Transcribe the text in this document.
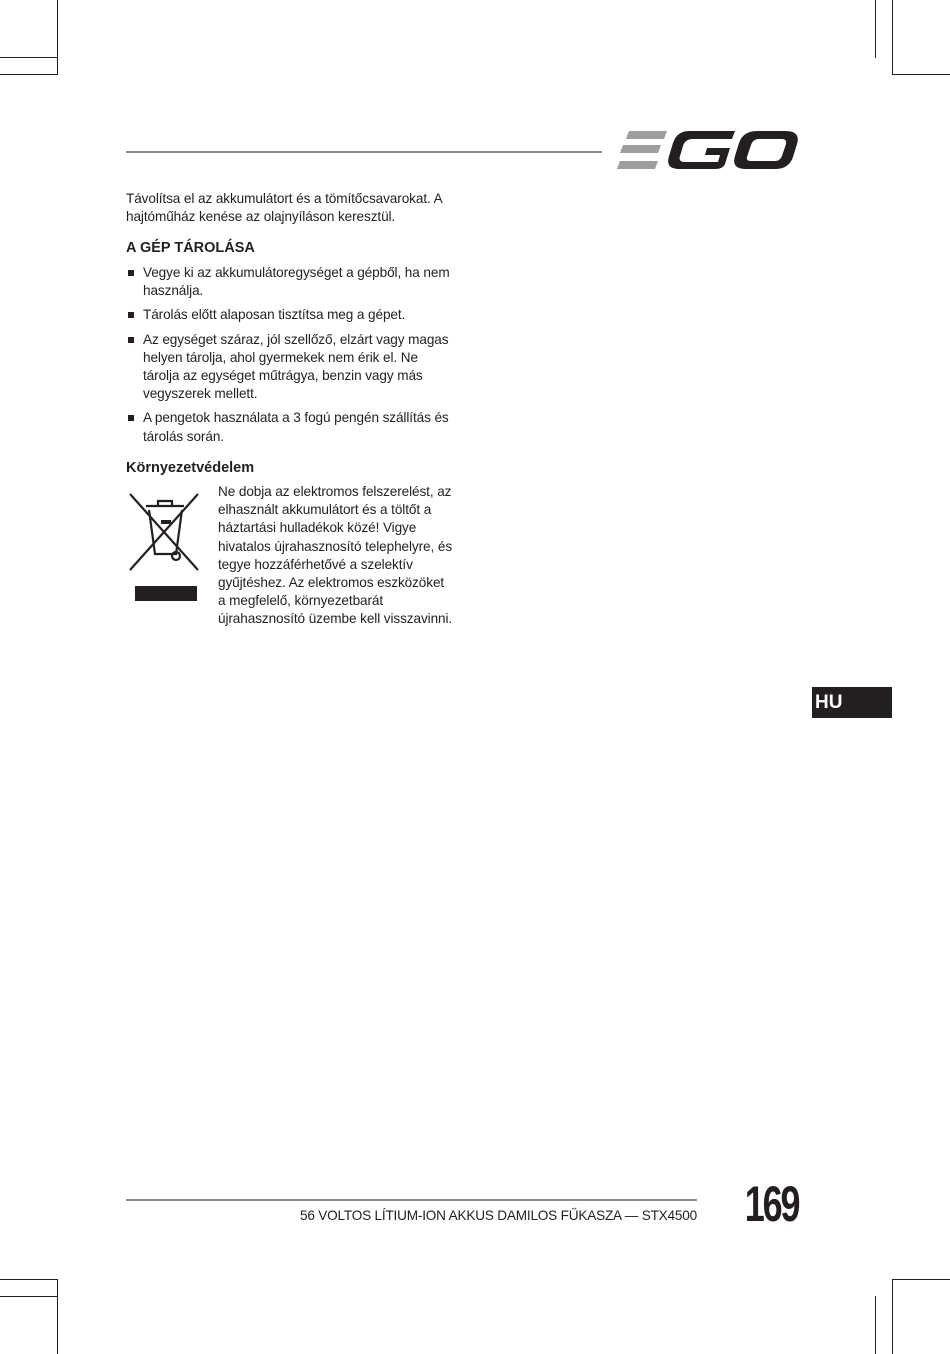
Távolítsa el az akkumulátort és a tömítőcsavarokat. A hajtóműház kenése az olajnyíláson keresztül.
A GÉP TÁROLÁSA
Vegye ki az akkumulátoregységet a gépből, ha nem használja.
Tárolás előtt alaposan tisztítsa meg a gépet.
Az egységet száraz, jól szellőző, elzárt vagy magas helyen tárolja, ahol gyermekek nem érik el. Ne tárolja az egységet műtrágya, benzin vagy más vegyszerek mellett.
A pengetok használata a 3 fogú pengén szállítás és tárolás során.
Környezetvédelem
Ne dobja az elektromos felszerelést, az elhasznált akkumulátort és a töltőt a háztartási hulladékok közé! Vigye hivatalos újrahasznosító telephelyre, és tegye hozzáférhetővé a szelektív gyűjtéshez. Az elektromos eszközöket a megfelelő, környezetbarát újrahasznosító üzembe kell visszavinni.
HU
56 VOLTOS LÍTIUM-ION AKKUS DAMILOS FŰKASZA — STX4500 169
